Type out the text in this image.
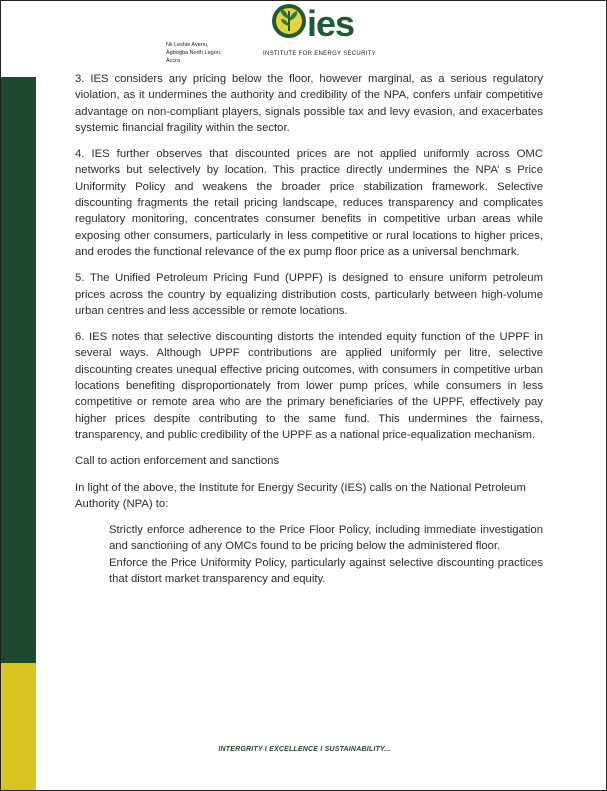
Nii Leshie Avenu,
Agbogba North Legon,
Accra
ies
INSTITUTE FOR ENERGY SECURITY

3. IES considers any pricing below the floor, however marginal, as a serious regulatory violation, as it undermines the authority and credibility of the NPA, confers unfair competitive advantage on non-compliant players, signals possible tax and levy evasion, and exacerbates systemic financial fragility within the sector.

4. IES further observes that discounted prices are not applied uniformly across OMC networks but selectively by location. This practice directly undermines the NPA’ s Price Uniformity Policy and weakens the broader price stabilization framework. Selective discounting fragments the retail pricing landscape, reduces transparency and complicates regulatory monitoring, concentrates consumer benefits in competitive urban areas while exposing other consumers, particularly in less competitive or rural locations to higher prices, and erodes the functional relevance of the ex pump floor price as a universal benchmark.

5. The Unified Petroleum Pricing Fund (UPPF) is designed to ensure uniform petroleum prices across the country by equalizing distribution costs, particularly between high-volume urban centres and less accessible or remote locations.

6. IES notes that selective discounting distorts the intended equity function of the UPPF in several ways. Although UPPF contributions are applied uniformly per litre, selective discounting creates unequal effective pricing outcomes, with consumers in competitive urban locations benefiting disproportionately from lower pump prices, while consumers in less competitive or remote area who are the primary beneficiaries of the UPPF, effectively pay higher prices despite contributing to the same fund. This undermines the fairness, transparency, and public credibility of the UPPF as a national price-equalization mechanism.

Call to action enforcement and sanctions

In light of the above, the Institute for Energy Security (IES) calls on the National Petroleum Authority (NPA) to:

Strictly enforce adherence to the Price Floor Policy, including immediate investigation and sanctioning of any OMCs found to be pricing below the administered floor.

Enforce the Price Uniformity Policy, particularly against selective discounting practices that distort market transparency and equity.

INTERGRITY I EXCELLENCE I SUSTAINABILITY...
